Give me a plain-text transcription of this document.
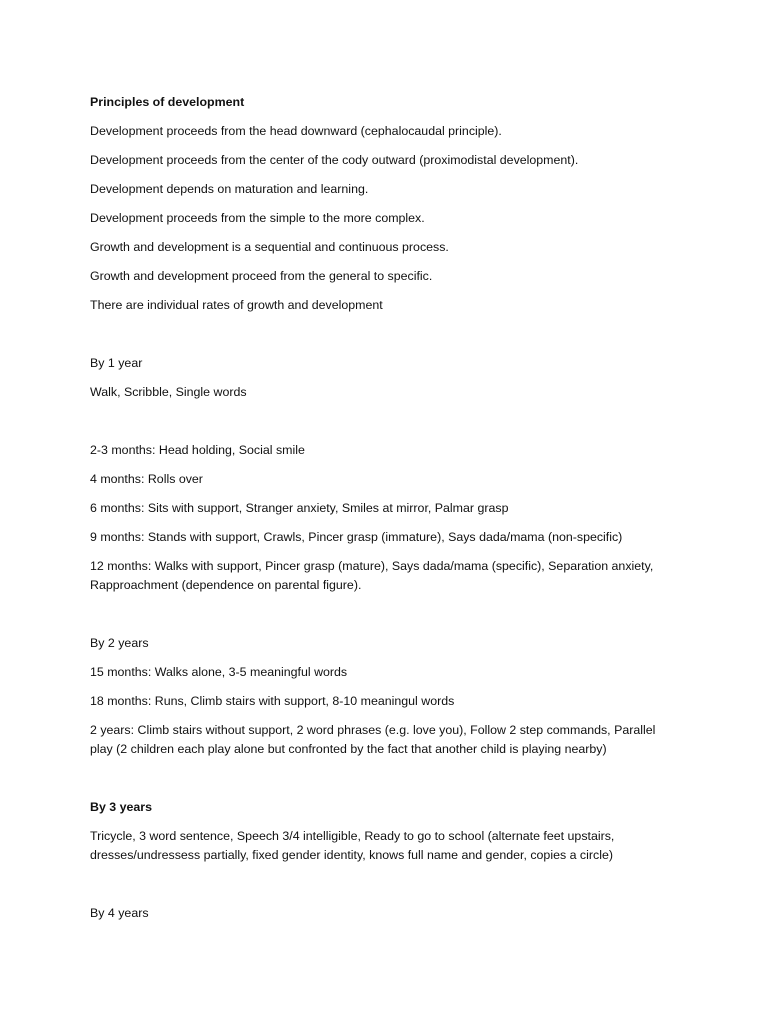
Principles of development

Development proceeds from the head downward (cephalocaudal principle).

Development proceeds from the center of the cody outward (proximodistal development).

Development depends on maturation and learning.

Development proceeds from the simple to the more complex.

Growth and development is a sequential and continuous process.

Growth and development proceed from the general to specific.

There are individual rates of growth and development

By 1 year

Walk, Scribble, Single words

2-3 months: Head holding, Social smile

4 months: Rolls over

6 months: Sits with support, Stranger anxiety, Smiles at mirror, Palmar grasp

9 months: Stands with support, Crawls, Pincer grasp (immature), Says dada/mama (non-specific)

12 months: Walks with support, Pincer grasp (mature), Says dada/mama (specific), Separation anxiety, Rapproachment (dependence on parental figure).

By 2 years

15 months: Walks alone, 3-5 meaningful words

18 months: Runs, Climb stairs with support, 8-10 meaningul words

2 years: Climb stairs without support, 2 word phrases (e.g. love you), Follow 2 step commands, Parallel play (2 children each play alone but confronted by the fact that another child is playing nearby)

By 3 years

Tricycle, 3 word sentence, Speech 3/4 intelligible, Ready to go to school (alternate feet upstairs, dresses/undressess partially, fixed gender identity, knows full name and gender, copies a circle)

By 4 years
